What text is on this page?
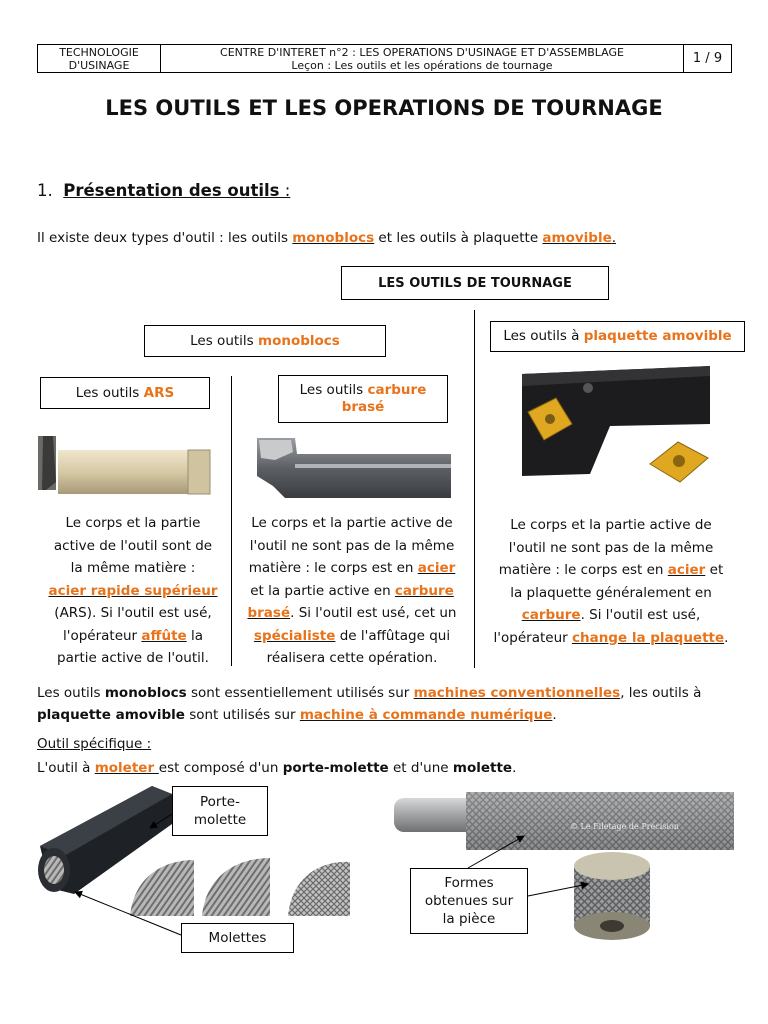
TECHNOLOGIE
D'USINAGE
CENTRE D'INTERET n°2 : LES OPERATIONS D'USINAGE ET D'ASSEMBLAGE
Leçon : Les outils et les opérations de tournage	1 / 9
LES OUTILS ET LES OPERATIONS DE TOURNAGE
1. Présentation des outils :
Il existe deux types d'outil : les outils monoblocs et les outils à plaquette amovible.
LES OUTILS DE TOURNAGE
Les outils
monoblocs	Les outils à
plaquette amovible
Les outils
ARS	Les outils carbure
brasé
Le corps et la partie
active de l'outil sont de
la même matière :
acier rapide supérieur
(ARS). Si l'outil est usé,
l'opérateur affûte la
partie active de l'outil.
Le corps et la partie active de
l'outil ne sont pas de la même
matière : le corps est en acier
et la partie active en carbure
brasé. Si l'outil est usé, cet un
spécialiste de l'affûtage qui
réalisera cette opération.
Le corps et la partie active de
l'outil ne sont pas de la même
matière : le corps est en acier et
la plaquette généralement en
carbure. Si l'outil est usé,
l'opérateur change la plaquette.
Les outils monoblocs sont essentiellement utilisés sur machines conventionnelles, les outils à
plaquette amovible sont utilisés sur machine à commande numérique.
Outil spécifique :
L'outil à moleter est composé d'un porte-molette et d'une molette.
© Le Filetage de Précision
Porte-
molette
Molettes
Formes
obtenues sur
la pièce
